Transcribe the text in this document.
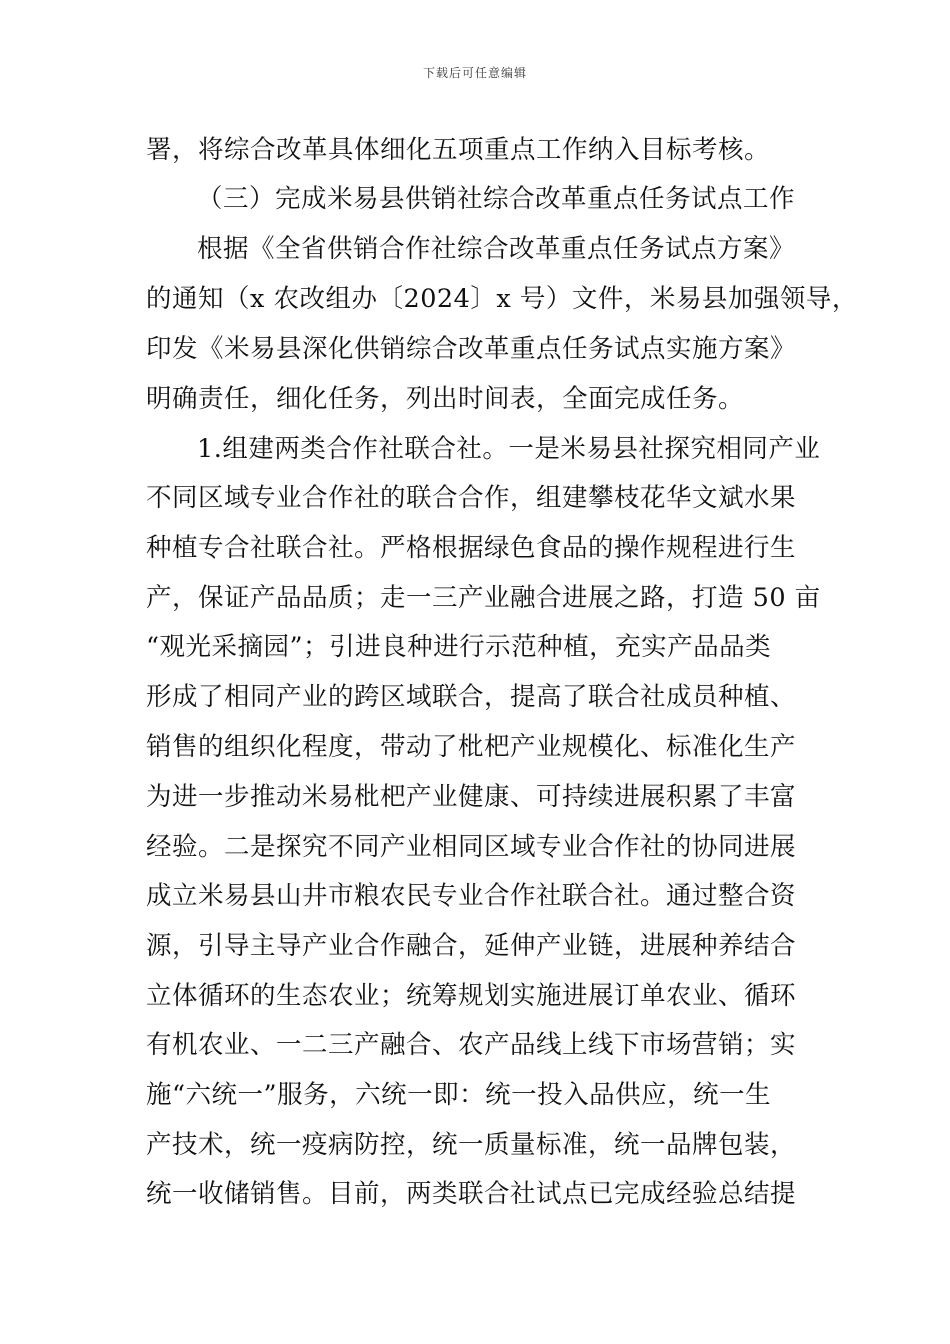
下载后可任意编辑
署，将综合改革具体细化五项重点工作纳入目标考核。
（三）完成米易县供销社综合改革重点任务试点工作
根据《全省供销合作社综合改革重点任务试点方案》
的通知（x 农改组办〔2024〕x 号）文件，米易县加强领导，
印发《米易县深化供销综合改革重点任务试点实施方案》
明确责任，细化任务，列出时间表，全面完成任务。
1.组建两类合作社联合社。一是米易县社探究相同产业
不同区域专业合作社的联合合作，组建攀枝花华文斌水果
种植专合社联合社。严格根据绿色食品的操作规程进行生
产，保证产品品质；走一三产业融合进展之路，打造 50 亩
“观光采摘园”；引进良种进行示范种植，充实产品品类
形成了相同产业的跨区域联合，提高了联合社成员种植、
销售的组织化程度，带动了枇杷产业规模化、标准化生产
为进一步推动米易枇杷产业健康、可持续进展积累了丰富
经验。二是探究不同产业相同区域专业合作社的协同进展
成立米易县山井市粮农民专业合作社联合社。通过整合资
源，引导主导产业合作融合，延伸产业链，进展种养结合
立体循环的生态农业；统筹规划实施进展订单农业、循环
有机农业、一二三产融合、农产品线上线下市场营销；实
施“六统一”服务，六统一即：统一投入品供应，统一生
产技术，统一疫病防控，统一质量标准，统一品牌包装，
统一收储销售。目前，两类联合社试点已完成经验总结提
